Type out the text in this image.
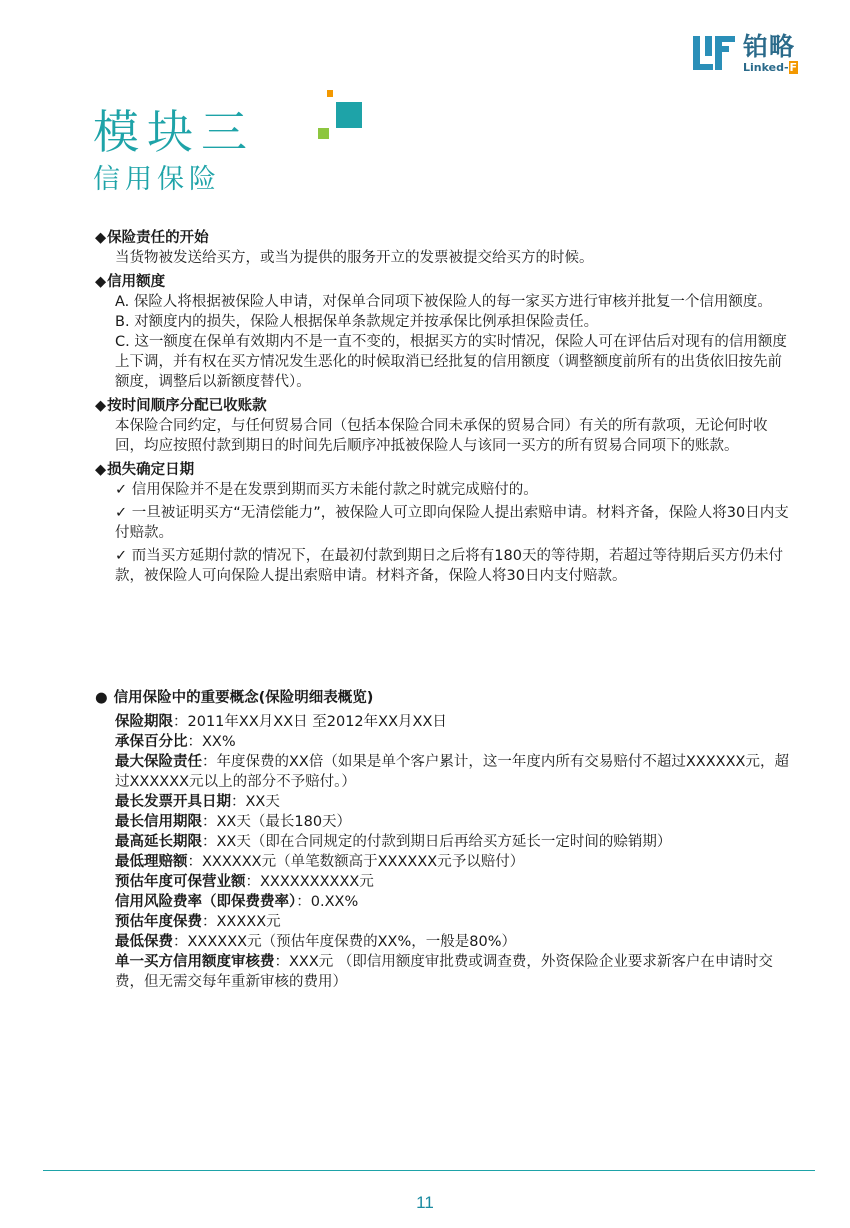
铂略
Linked-F
模块三
信用保险

◆ 保险责任的开始

当货物被发送给买方，或当为提供的服务开立的发票被提交给买方的时候。

◆ 信用额度

A. 保险人将根据被保险人申请，对保单合同项下被保险人的每一家买方进行审核并批复一个信用额度。

B. 对额度内的损失，保险人根据保单条款规定并按承保比例承担保险责任。

C. 这一额度在保单有效期内不是一直不变的，根据买方的实时情况，保险人可在评估后对现有的信用额度上下调，并有权在买方情况发生恶化的时候取消已经批复的信用额度（调整额度前所有的出货依旧按先前额度，调整后以新额度替代）。

◆ 按时间顺序分配已收账款

本保险合同约定，与任何贸易合同（包括本保险合同未承保的贸易合同）有关的所有款项，无论何时收回，均应按照付款到期日的时间先后顺序冲抵被保险人与该同一买方的所有贸易合同项下的账款。

◆ 损失确定日期

✓ 信用保险并不是在发票到期而买方未能付款之时就完成赔付的。

✓ 一旦被证明买方“无清偿能力”，被保险人可立即向保险人提出索赔申请。材料齐备，保险人将30日内支付赔款。

✓ 而当买方延期付款的情况下，在最初付款到期日之后将有180天的等待期，若超过等待期后买方仍未付款，被保险人可向保险人提出索赔申请。材料齐备，保险人将30日内支付赔款。

● 信用保险中的重要概念(保险明细表概览)

保险期限：2011年XX月XX日 至2012年XX月XX日

承保百分比：XX%

最大保险责任：年度保费的XX倍（如果是单个客户累计，这一年度内所有交易赔付不超过XXXXXX元，超过XXXXXX元以上的部分不予赔付。）

最长发票开具日期：XX天

最长信用期限：XX天（最长180天）

最高延长期限：XX天（即在合同规定的付款到期日后再给买方延长一定时间的赊销期）

最低理赔额：XXXXXX元（单笔数额高于XXXXXX元予以赔付）

预估年度可保营业额：XXXXXXXXXX元

信用风险费率（即保费费率）：0.XX%

预估年度保费：XXXXX元

最低保费：XXXXXX元（预估年度保费的XX%，一般是80%）

单一买方信用额度审核费：XXX元 （即信用额度审批费或调查费，外资保险企业要求新客户在申请时交费，但无需交每年重新审核的费用）

11
